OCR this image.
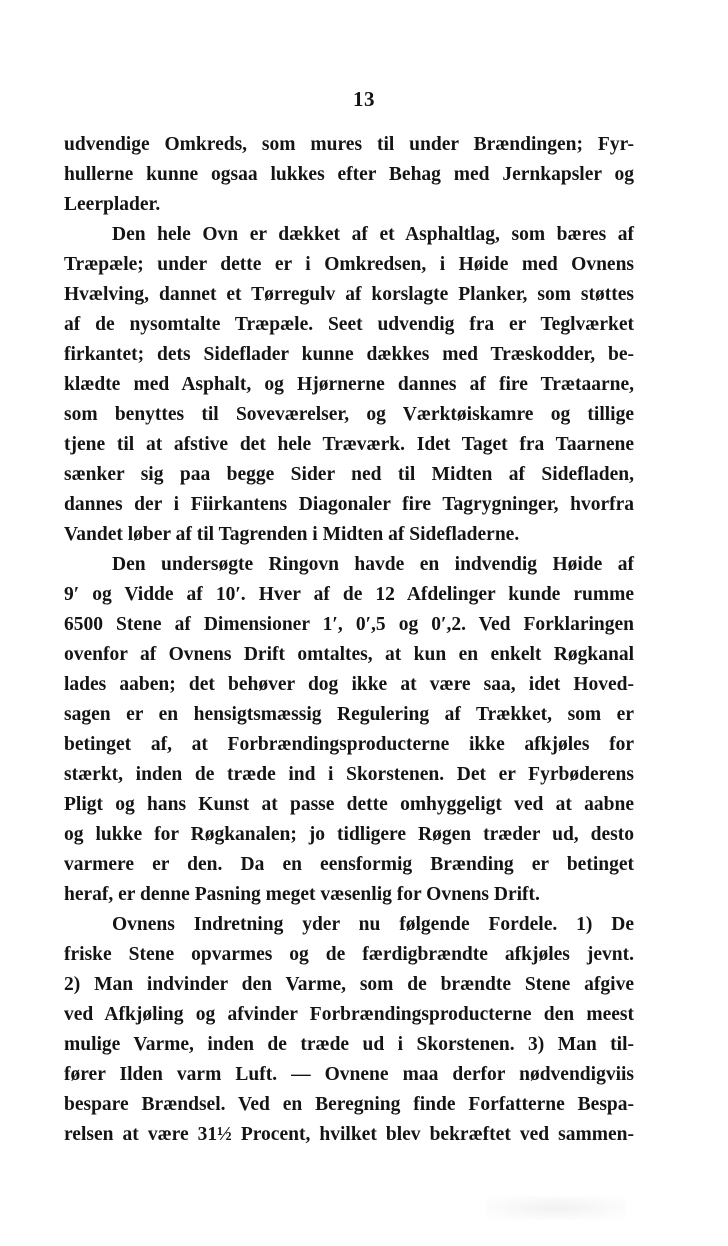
13
udvendige Omkreds, som mures til under Brændingen; Fyr-
hullerne kunne ogsaa lukkes efter Behag med Jernkapsler og
Leerplader.
Den hele Ovn er dækket af et Asphaltlag, som bæres af
Træpæle; under dette er i Omkredsen, i Høide med Ovnens
Hvælving, dannet et Tørregulv af korslagte Planker, som støttes
af de nysomtalte Træpæle. Seet udvendig fra er Teglværket
firkantet; dets Sideflader kunne dækkes med Træskodder, be-
klædte med Asphalt, og Hjørnerne dannes af fire Trætaarne,
som benyttes til Soveværelser, og Værktøiskamre og tillige
tjene til at afstive det hele Træværk. Idet Taget fra Taarnene
sænker sig paa begge Sider ned til Midten af Sidefladen,
dannes der i Fiirkantens Diagonaler fire Tagrygninger, hvorfra
Vandet løber af til Tagrenden i Midten af Sidefladerne.
Den undersøgte Ringovn havde en indvendig Høide af
9′ og Vidde af 10′. Hver af de 12 Afdelinger kunde rumme
6500 Stene af Dimensioner 1′, 0′,5 og 0′,2. Ved Forklaringen
ovenfor af Ovnens Drift omtaltes, at kun en enkelt Røgkanal
lades aaben; det behøver dog ikke at være saa, idet Hoved-
sagen er en hensigtsmæssig Regulering af Trækket, som er
betinget af, at Forbrændingsproducterne ikke afkjøles for
stærkt, inden de træde ind i Skorstenen. Det er Fyrbøderens
Pligt og hans Kunst at passe dette omhyggeligt ved at aabne
og lukke for Røgkanalen; jo tidligere Røgen træder ud, desto
varmere er den. Da en eensformig Brænding er betinget
heraf, er denne Pasning meget væsenlig for Ovnens Drift.
Ovnens Indretning yder nu følgende Fordele. 1) De
friske Stene opvarmes og de færdigbrændte afkjøles jevnt.
2) Man indvinder den Varme, som de brændte Stene afgive
ved Afkjøling og afvinder Forbrændingsproducterne den meest
mulige Varme, inden de træde ud i Skorstenen. 3) Man til-
fører Ilden varm Luft. — Ovnene maa derfor nødvendigviis
bespare Brændsel. Ved en Beregning finde Forfatterne Bespa-
relsen at være 31½ Procent, hvilket blev bekræftet ved sammen-
